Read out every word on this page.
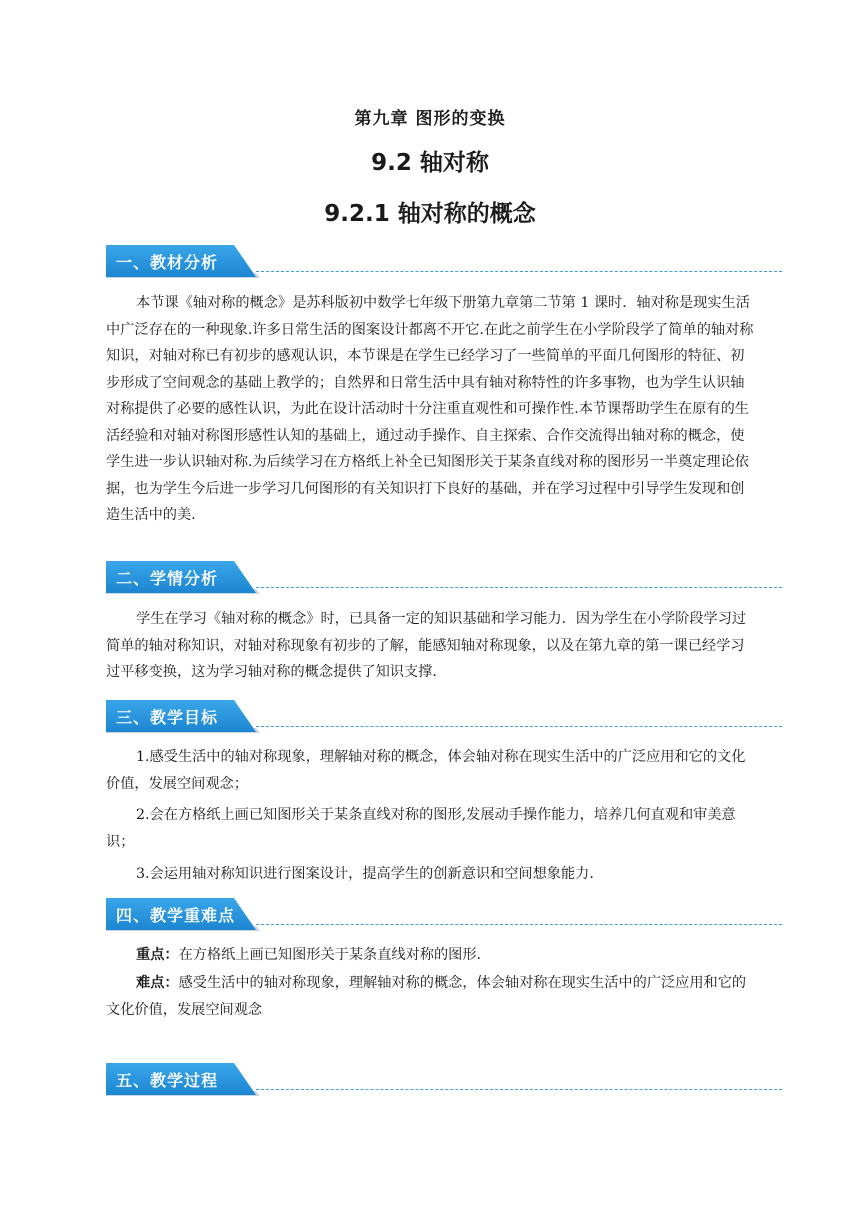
第九章 图形的变换
9.2 轴对称
9.2.1 轴对称的概念
一、教材分析

本节课《轴对称的概念》是苏科版初中数学七年级下册第九章第二节第 1 课时．轴对称是现实生活中广泛存在的一种现象.许多日常生活的图案设计都离不开它.在此之前学生在小学阶段学了简单的轴对称知识，对轴对称已有初步的感观认识，本节课是在学生已经学习了一些简单的平面几何图形的特征、初步形成了空间观念的基础上教学的；自然界和日常生活中具有轴对称特性的许多事物，也为学生认识轴对称提供了必要的感性认识，为此在设计活动时十分注重直观性和可操作性.本节课帮助学生在原有的生活经验和对轴对称图形感性认知的基础上，通过动手操作、自主探索、合作交流得出轴对称的概念，使学生进一步认识轴对称.为后续学习在方格纸上补全已知图形关于某条直线对称的图形另一半奠定理论依据，也为学生今后进一步学习几何图形的有关知识打下良好的基础，并在学习过程中引导学生发现和创造生活中的美.

二、学情分析

学生在学习《轴对称的概念》时，已具备一定的知识基础和学习能力．因为学生在小学阶段学习过简单的轴对称知识，对轴对称现象有初步的了解，能感知轴对称现象，以及在第九章的第一课已经学习过平移变换，这为学习轴对称的概念提供了知识支撑．

三、教学目标

1.感受生活中的轴对称现象，理解轴对称的概念，体会轴对称在现实生活中的广泛应用和它的文化价值，发展空间观念；

2.会在方格纸上画已知图形关于某条直线对称的图形,发展动手操作能力，培养几何直观和审美意识；

3.会运用轴对称知识进行图案设计，提高学生的创新意识和空间想象能力.

四、教学重难点

重点：在方格纸上画已知图形关于某条直线对称的图形.

难点：感受生活中的轴对称现象，理解轴对称的概念，体会轴对称在现实生活中的广泛应用和它的文化价值，发展空间观念

五、教学过程
